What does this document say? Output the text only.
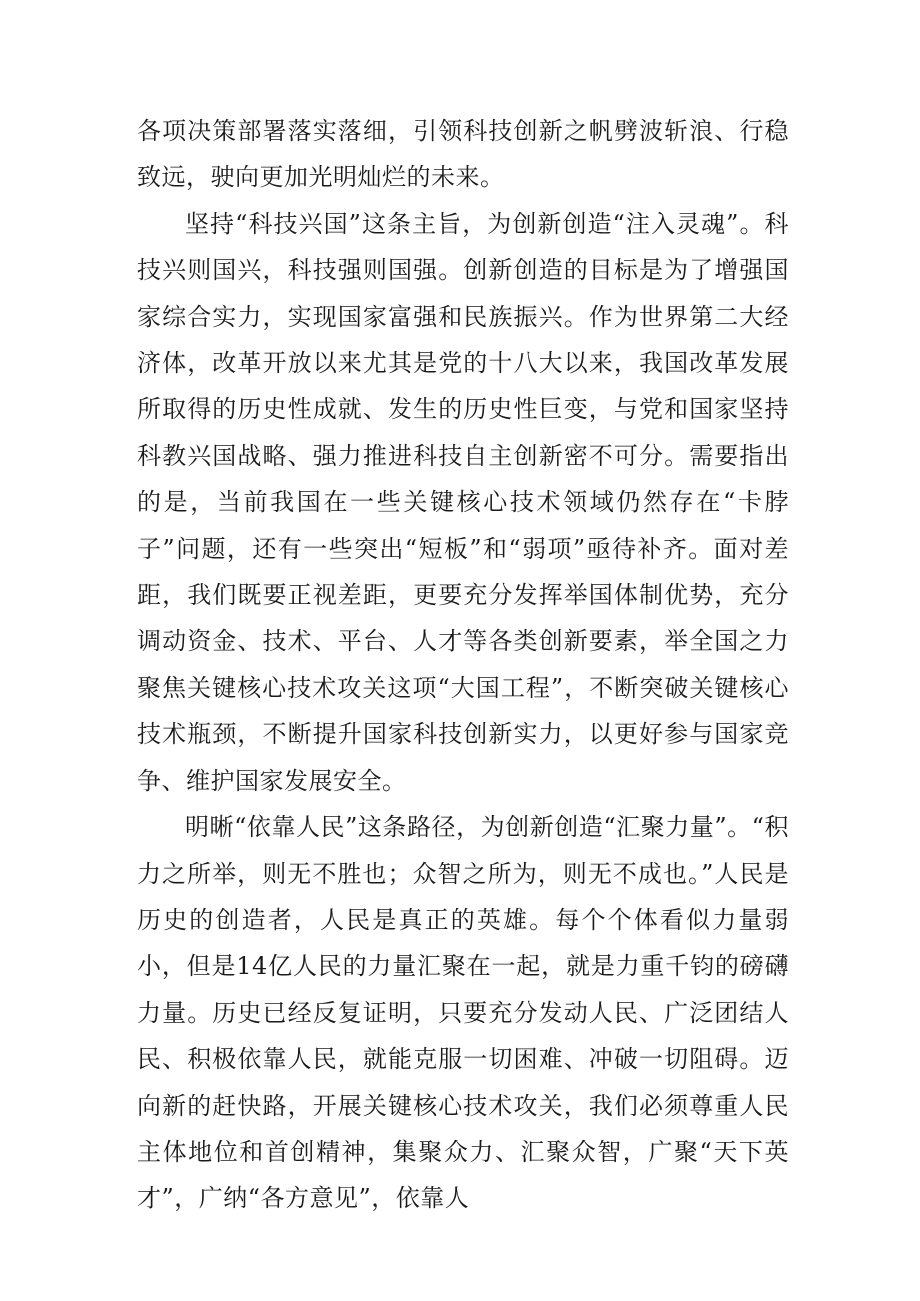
各项决策部署落实落细，引领科技创新之帆劈波斩浪、行稳致远，驶向更加光明灿烂的未来。

坚持“科技兴国”这条主旨，为创新创造“注入灵魂”。科技兴则国兴，科技强则国强。创新创造的目标是为了增强国家综合实力，实现国家富强和民族振兴。作为世界第二大经济体，改革开放以来尤其是党的十八大以来，我国改革发展所取得的历史性成就、发生的历史性巨变，与党和国家坚持科教兴国战略、强力推进科技自主创新密不可分。需要指出的是，当前我国在一些关键核心技术领域仍然存在“卡脖子”问题，还有一些突出“短板”和“弱项”亟待补齐。面对差距，我们既要正视差距，更要充分发挥举国体制优势，充分调动资金、技术、平台、人才等各类创新要素，举全国之力聚焦关键核心技术攻关这项“大国工程”，不断突破关键核心技术瓶颈，不断提升国家科技创新实力，以更好参与国家竞争、维护国家发展安全。

明晰“依靠人民”这条路径，为创新创造“汇聚力量”。“积力之所举，则无不胜也；众智之所为，则无不成也。”人民是历史的创造者，人民是真正的英雄。每个个体看似力量弱小，但是14亿人民的力量汇聚在一起，就是力重千钧的磅礴力量。历史已经反复证明，只要充分发动人民、广泛团结人民、积极依靠人民，就能克服一切困难、冲破一切阻碍。迈向新的赶快路，开展关键核心技术攻关，我们必须尊重人民主体地位和首创精神，集聚众力、汇聚众智，广聚“天下英才”，广纳“各方意见”，依靠人
